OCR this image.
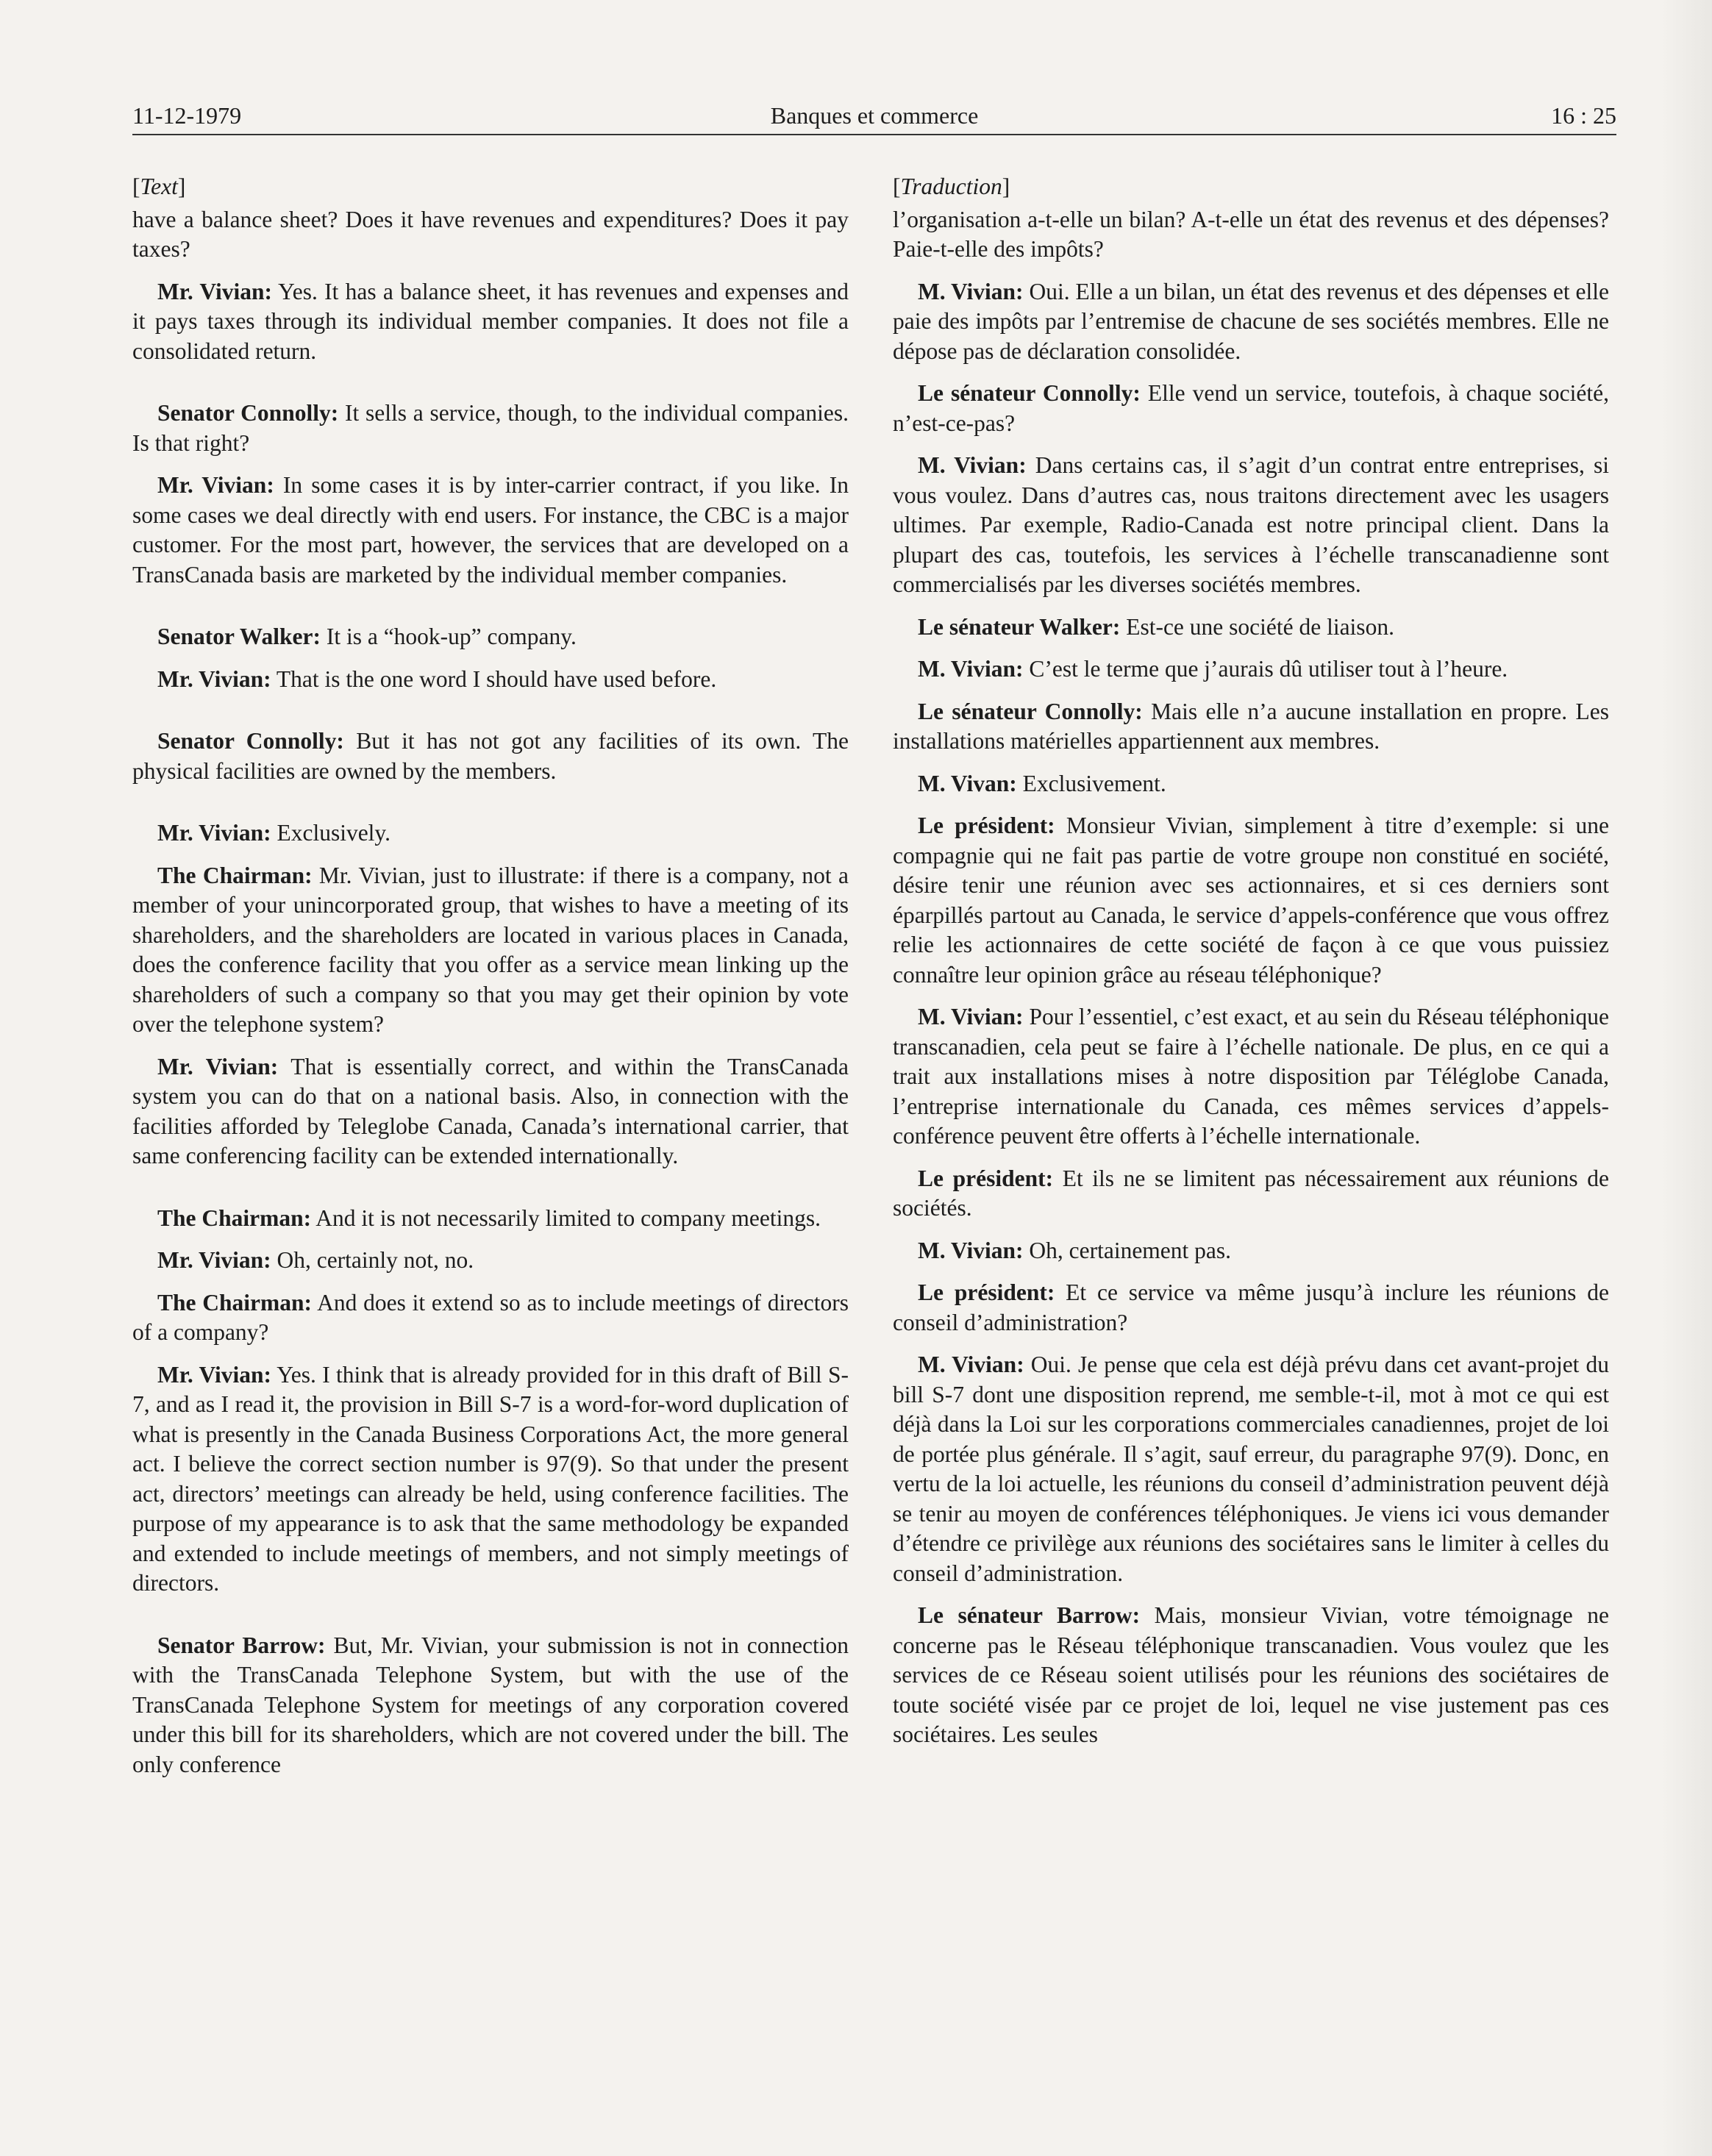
11-12-1979	Banques et commerce	16 : 25
[Text]

have a balance sheet? Does it have revenues and expenditures? Does it pay taxes?

Mr. Vivian: Yes. It has a balance sheet, it has revenues and expenses and it pays taxes through its individual member companies. It does not file a consolidated return.

Senator Connolly: It sells a service, though, to the individual companies. Is that right?

Mr. Vivian: In some cases it is by inter-carrier contract, if you like. In some cases we deal directly with end users. For instance, the CBC is a major customer. For the most part, however, the services that are developed on a TransCanada basis are marketed by the individual member companies.

Senator Walker: It is a “hook-up” company.

Mr. Vivian: That is the one word I should have used before.

Senator Connolly: But it has not got any facilities of its own. The physical facilities are owned by the members.

Mr. Vivian: Exclusively.

The Chairman: Mr. Vivian, just to illustrate: if there is a company, not a member of your unincorporated group, that wishes to have a meeting of its shareholders, and the shareholders are located in various places in Canada, does the conference facility that you offer as a service mean linking up the shareholders of such a company so that you may get their opinion by vote over the telephone system?

Mr. Vivian: That is essentially correct, and within the TransCanada system you can do that on a national basis. Also, in connection with the facilities afforded by Teleglobe Canada, Canada’s international carrier, that same conferencing facility can be extended internationally.

The Chairman: And it is not necessarily limited to company meetings.

Mr. Vivian: Oh, certainly not, no.

The Chairman: And does it extend so as to include meetings of directors of a company?

Mr. Vivian: Yes. I think that is already provided for in this draft of Bill S-7, and as I read it, the provision in Bill S-7 is a word-for-word duplication of what is presently in the Canada Business Corporations Act, the more general act. I believe the correct section number is 97(9). So that under the present act, directors’ meetings can already be held, using conference facilities. The purpose of my appearance is to ask that the same methodology be expanded and extended to include meetings of members, and not simply meetings of directors.

Senator Barrow: But, Mr. Vivian, your submission is not in connection with the TransCanada Telephone System, but with the use of the TransCanada Telephone System for meetings of any corporation covered under this bill for its shareholders, which are not covered under the bill. The only conference

[Traduction]

l’organisation a-t-elle un bilan? A-t-elle un état des revenus et des dépenses? Paie-t-elle des impôts?

M. Vivian: Oui. Elle a un bilan, un état des revenus et des dépenses et elle paie des impôts par l’entremise de chacune de ses sociétés membres. Elle ne dépose pas de déclaration consolidée.

Le sénateur Connolly: Elle vend un service, toutefois, à chaque société, n’est-ce-pas?

M. Vivian: Dans certains cas, il s’agit d’un contrat entre entreprises, si vous voulez. Dans d’autres cas, nous traitons directement avec les usagers ultimes. Par exemple, Radio-Canada est notre principal client. Dans la plupart des cas, toutefois, les services à l’échelle transcanadienne sont commercialisés par les diverses sociétés membres.

Le sénateur Walker: Est-ce une société de liaison.

M. Vivian: C’est le terme que j’aurais dû utiliser tout à l’heure.

Le sénateur Connolly: Mais elle n’a aucune installation en propre. Les installations matérielles appartiennent aux membres.

M. Vivan: Exclusivement.

Le président: Monsieur Vivian, simplement à titre d’exemple: si une compagnie qui ne fait pas partie de votre groupe non constitué en société, désire tenir une réunion avec ses actionnaires, et si ces derniers sont éparpillés partout au Canada, le service d’appels-conférence que vous offrez relie les actionnaires de cette société de façon à ce que vous puissiez connaître leur opinion grâce au réseau téléphonique?

M. Vivian: Pour l’essentiel, c’est exact, et au sein du Réseau téléphonique transcanadien, cela peut se faire à l’échelle nationale. De plus, en ce qui a trait aux installations mises à notre disposition par Téléglobe Canada, l’entreprise internationale du Canada, ces mêmes services d’appels-conférence peuvent être offerts à l’échelle internationale.

Le président: Et ils ne se limitent pas nécessairement aux réunions de sociétés.

M. Vivian: Oh, certainement pas.

Le président: Et ce service va même jusqu’à inclure les réunions de conseil d’administration?

M. Vivian: Oui. Je pense que cela est déjà prévu dans cet avant-projet du bill S-7 dont une disposition reprend, me semble-t-il, mot à mot ce qui est déjà dans la Loi sur les corporations commerciales canadiennes, projet de loi de portée plus générale. Il s’agit, sauf erreur, du paragraphe 97(9). Donc, en vertu de la loi actuelle, les réunions du conseil d’administration peuvent déjà se tenir au moyen de conférences téléphoniques. Je viens ici vous demander d’étendre ce privilège aux réunions des sociétaires sans le limiter à celles du conseil d’administration.

Le sénateur Barrow: Mais, monsieur Vivian, votre témoignage ne concerne pas le Réseau téléphonique transcanadien. Vous voulez que les services de ce Réseau soient utilisés pour les réunions des sociétaires de toute société visée par ce projet de loi, lequel ne vise justement pas ces sociétaires. Les seules
